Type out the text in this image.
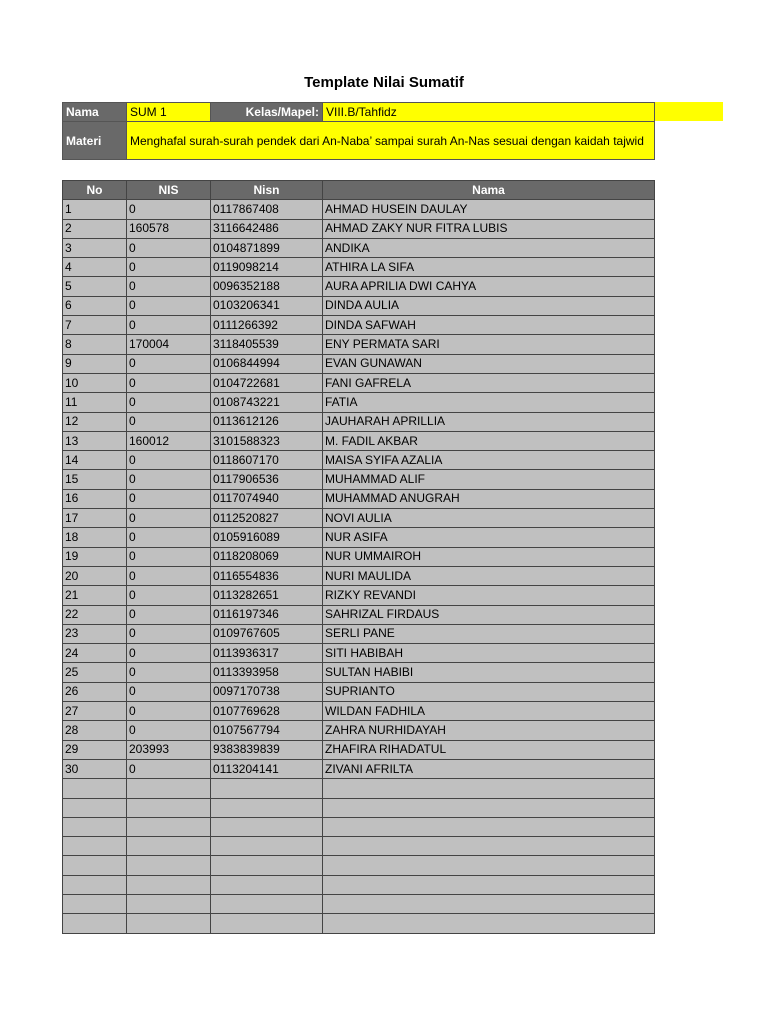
Template Nilai Sumatif
Nama	SUM 1	Kelas/Mapel:	VIII.B/Tahfidz
Materi	Menghafal surah-surah pendek dari An-Naba’ sampai surah An-Nas sesuai dengan kaidah tajwid		
No	NIS	Nisn	Nama
1	0	0117867408	AHMAD HUSEIN DAULAY
2	160578	3116642486	AHMAD ZAKY NUR FITRA LUBIS
3	0	0104871899	ANDIKA
4	0	0119098214	ATHIRA LA SIFA
5	0	0096352188	AURA APRILIA DWI CAHYA
6	0	0103206341	DINDA AULIA
7	0	0111266392	DINDA SAFWAH
8	170004	3118405539	ENY PERMATA SARI
9	0	0106844994	EVAN GUNAWAN
10	0	0104722681	FANI GAFRELA
11	0	0108743221	FATIA
12	0	0113612126	JAUHARAH APRILLIA
13	160012	3101588323	M. FADIL AKBAR
14	0	0118607170	MAISA SYIFA AZALIA
15	0	0117906536	MUHAMMAD ALIF
16	0	0117074940	MUHAMMAD ANUGRAH
17	0	0112520827	NOVI AULIA
18	0	0105916089	NUR ASIFA
19	0	0118208069	NUR UMMAIROH
20	0	0116554836	NURI MAULIDA
21	0	0113282651	RIZKY REVANDI
22	0	0116197346	SAHRIZAL FIRDAUS
23	0	0109767605	SERLI PANE
24	0	0113936317	SITI HABIBAH
25	0	0113393958	SULTAN HABIBI
26	0	0097170738	SUPRIANTO
27	0	0107769628	WILDAN FADHILA
28	0	0107567794	ZAHRA NURHIDAYAH
29	203993	9383839839	ZHAFIRA RIHADATUL
30	0	0113204141	ZIVANI AFRILTA
